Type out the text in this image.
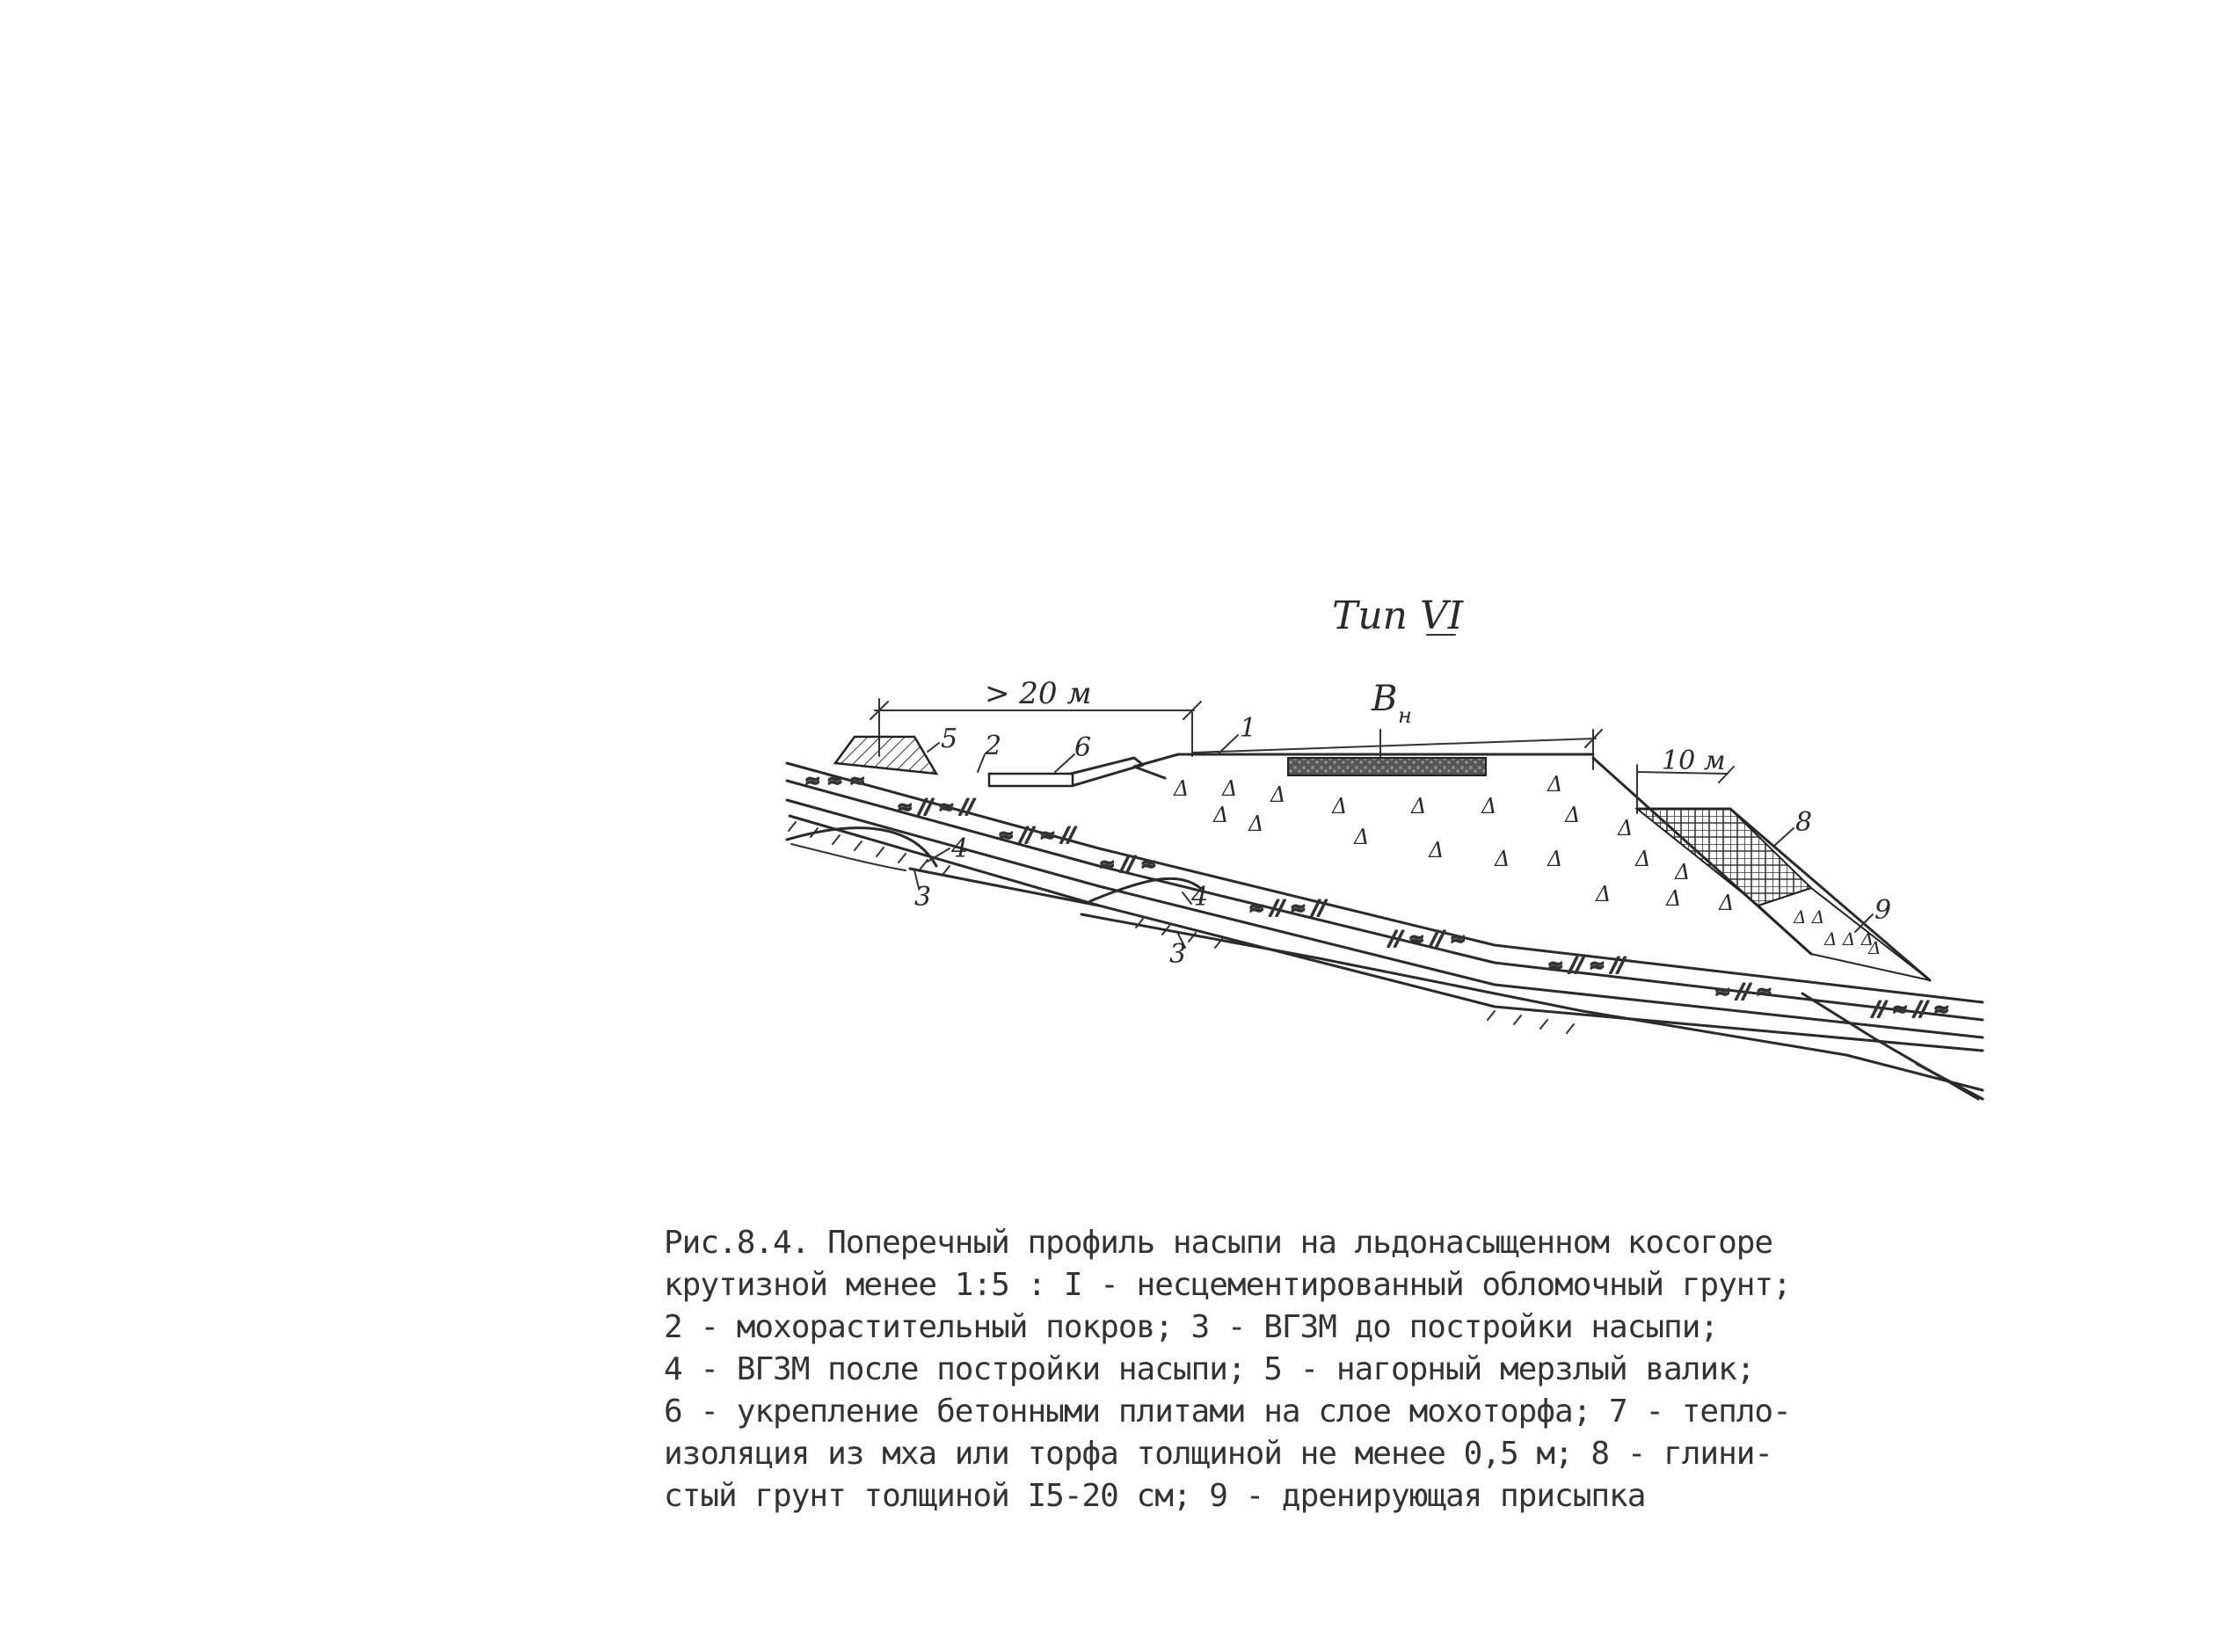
Тип VI
> 20 м	B н
10 м
≈ ≈ ≈
≈ // ≈ //
≈ // ≈ //
≈ // ≈
≈ // ≈ //
// ≈ // ≈
≈ // ≈ //
≈ // ≈
// ≈ // ≈
Δ Δ
Δ Δ Δ
Δ
Δ Δ Δ
Δ Δ
Δ	Δ	Δ
Δ
Δ Δ
Δ
Δ
Δ	Δ
Δ	Δ Δ
Δ
Δ
1
2
3
3
4
4
5	6
8
9
Рис.8.4. Поперечный профиль насыпи на льдонасыщенном косогоре
крутизной менее 1:5 : I - несцементированный обломочный грунт;
2 - мохорастительный покров; 3 - ВГЗМ до постройки насыпи;
4 - ВГЗМ после постройки насыпи; 5 - нагорный мерзлый валик;
6 - укрепление бетонными плитами на слое мохоторфа; 7 - тепло-
изоляция из мха или торфа толщиной не менее 0,5 м; 8 - глини-
стый грунт толщиной I5-20 см; 9 - дренирующая присыпка
